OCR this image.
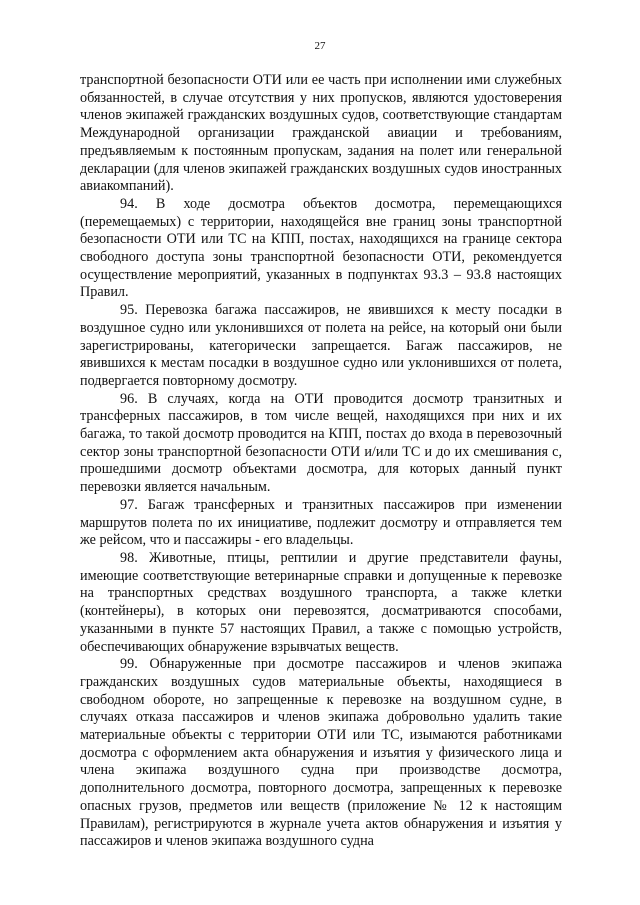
27

транспортной безопасности ОТИ или ее часть при исполнении ими служебных обязанностей, в случае отсутствия у них пропусков, являются удостоверения членов экипажей гражданских воздушных судов, соответствующие стандартам Международной организации гражданской авиации и требованиям, предъявляемым к постоянным пропускам, задания на полет или генеральной декларации (для членов экипажей гражданских воздушных судов иностранных авиакомпаний).

94. В ходе досмотра объектов досмотра, перемещающихся (перемещаемых) с территории, находящейся вне границ зоны транспортной безопасности ОТИ или ТС на КПП, постах, находящихся на границе сектора свободного доступа зоны транспортной безопасности ОТИ, рекомендуется осуществление мероприятий, указанных в подпунктах 93.3 – 93.8 настоящих Правил.

95. Перевозка багажа пассажиров, не явившихся к месту посадки в воздушное судно или уклонившихся от полета на рейсе, на который они были зарегистрированы, категорически запрещается. Багаж пассажиров, не явившихся к местам посадки в воздушное судно или уклонившихся от полета, подвергается повторному досмотру.

96. В случаях, когда на ОТИ проводится досмотр транзитных и трансферных пассажиров, в том числе вещей, находящихся при них и их багажа, то такой досмотр проводится на КПП, постах до входа в перевозочный сектор зоны транспортной безопасности ОТИ и/или ТС и до их смешивания с, прошедшими досмотр объектами досмотра, для которых данный пункт перевозки является начальным.

97. Багаж трансферных и транзитных пассажиров при изменении маршрутов полета по их инициативе, подлежит досмотру и отправляется тем же рейсом, что и пассажиры - его владельцы.

98. Животные, птицы, рептилии и другие представители фауны, имеющие соответствующие ветеринарные справки и допущенные к перевозке на транспортных средствах воздушного транспорта, а также клетки (контейнеры), в которых они перевозятся, досматриваются способами, указанными в пункте 57 настоящих Правил, а также с помощью устройств, обеспечивающих обнаружение взрывчатых веществ.

99. Обнаруженные при досмотре пассажиров и членов экипажа гражданских воздушных судов материальные объекты, находящиеся в свободном обороте, но запрещенные к перевозке на воздушном судне, в случаях отказа пассажиров и членов экипажа добровольно удалить такие материальные объекты с территории ОТИ или ТС, изымаются работниками досмотра с оформлением акта обнаружения и изъятия у физического лица и члена экипажа воздушного судна при производстве досмотра, дополнительного досмотра, повторного досмотра, запрещенных к перевозке опасных грузов, предметов или веществ (приложение № 12 к настоящим Правилам), регистрируются в журнале учета актов обнаружения и изъятия у пассажиров и членов экипажа воздушного судна
